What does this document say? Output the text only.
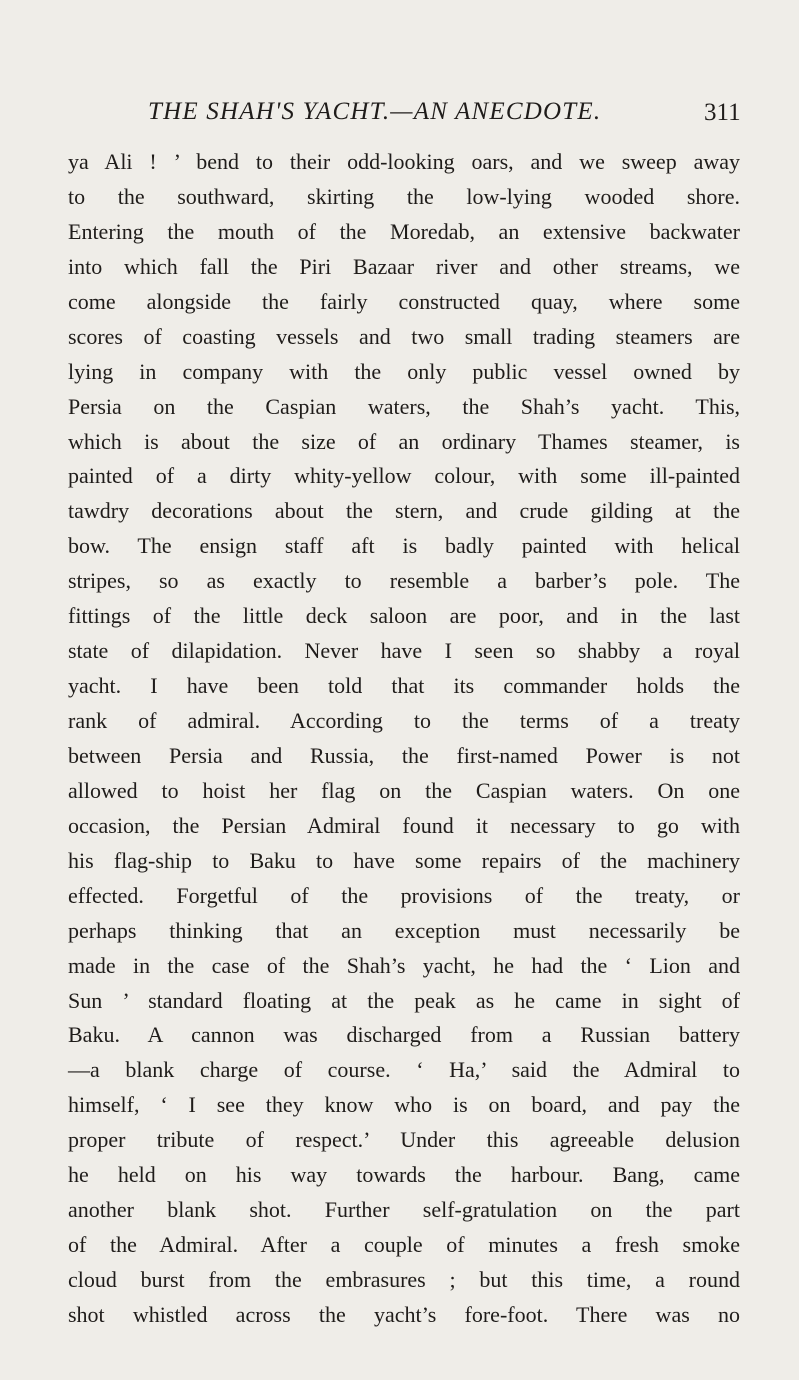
THE SHAH'S YACHT.—AN ANECDOTE.	311
ya Ali ! ’ bend to their odd-looking oars, and we sweep away
to the southward, skirting the low-lying wooded shore.
Entering the mouth of the Moredab, an extensive backwater
into which fall the Piri Bazaar river and other streams, we
come alongside the fairly constructed quay, where some
scores of coasting vessels and two small trading steamers are
lying in company with the only public vessel owned by
Persia on the Caspian waters, the Shah’s yacht. This,
which is about the size of an ordinary Thames steamer, is
painted of a dirty whity-yellow colour, with some ill-painted
tawdry decorations about the stern, and crude gilding at the
bow. The ensign staff aft is badly painted with helical
stripes, so as exactly to resemble a barber’s pole. The
fittings of the little deck saloon are poor, and in the last
state of dilapidation. Never have I seen so shabby a royal
yacht. I have been told that its commander holds the
rank of admiral. According to the terms of a treaty
between Persia and Russia, the first-named Power is not
allowed to hoist her flag on the Caspian waters. On one
occasion, the Persian Admiral found it necessary to go with
his flag-ship to Baku to have some repairs of the machinery
effected. Forgetful of the provisions of the treaty, or
perhaps thinking that an exception must necessarily be
made in the case of the Shah’s yacht, he had the ‘ Lion and
Sun ’ standard floating at the peak as he came in sight of
Baku. A cannon was discharged from a Russian battery
—a blank charge of course. ‘ Ha,’ said the Admiral to
himself, ‘ I see they know who is on board, and pay the
proper tribute of respect.’ Under this agreeable delusion
he held on his way towards the harbour. Bang, came
another blank shot. Further self-gratulation on the part
of the Admiral. After a couple of minutes a fresh smoke
cloud burst from the embrasures ; but this time, a round
shot whistled across the yacht’s fore-foot. There was no
